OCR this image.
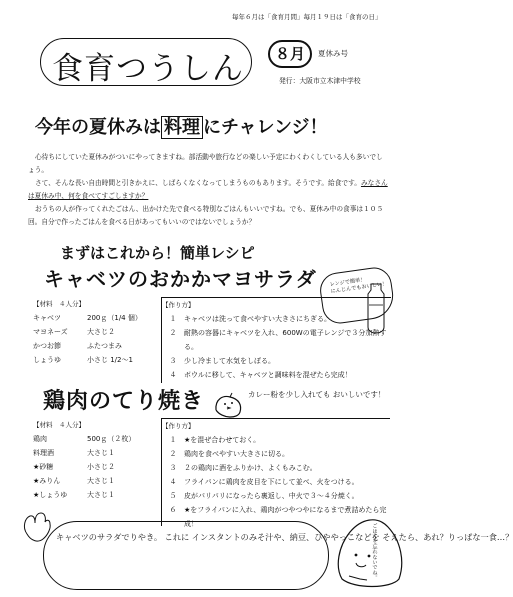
毎年６月は「食育月間」毎月１９日は「食育の日」
食育つうしん	８月	夏休み号
発行：大阪市立木津中学校
今年の夏休みは 料理 にチャレンジ！

心待ちにしていた夏休みがついにやってきますね。部活動や旅行などの楽しい予定にわくわくしている人も多いでしょう。

さて、そんな長い自由時間と引きかえに、しばらくなくなってしまうものもあります。そうです。給食です。みなさんは夏休み中、何を食べてすごしますか？

おうちの人が作ってくれたごはん、出かけた先で食べる特別なごはんもいいですね。でも、夏休み中の食事は１０５回。自分で作ったごはんを食べる日があってもいいのではないでしょうか？

まずはこれから！簡単レシピ
キャベツのおかかマヨサラダ レンジで簡単！
にんじんでもおいしい！
【材料　４人分】
キャベツ	200ｇ（1/4 個）
マヨネーズ	大さじ２
かつお節	ふたつまみ
しょうゆ	小さじ 1/2～1
【作り方】
１	キャベツは洗って食べやすい大きさにちぎる。
２	耐熱の容器にキャベツを入れ、600Wの電子レンジで３分加熱する。
３	少し冷まして水気をしぼる。
４	ボウルに移して、キャベツと調味料を混ぜたら完成！
鶏肉のてり焼き	カレー粉を少し入れても おいしいです！
【材料　４人分】
鶏肉	500ｇ（２枚）
料理酒	大さじ１
★砂糖	小さじ２
★みりん	大さじ１
★しょうゆ	大さじ１
【作り方】
１	★を混ぜ合わせておく。
２	鶏肉を食べやすい大きさに切る。
３	２の鶏肉に酒をふりかけ、よくもみこむ。
４	フライパンに鶏肉を皮目を下にして並べ、火をつける。
５	皮がパリパリになったら裏返し、中火で３～４分焼く。
６	★をフライパンに入れ、鶏肉がつやつやになるまで煮詰めたら完成！
キャベツのサラダでりやき。 これに インスタントのみそ汁や、納豆、ひややっこなどを そえたら、あれ？りっぱな一食…？
ごはんを忘れないでね。
